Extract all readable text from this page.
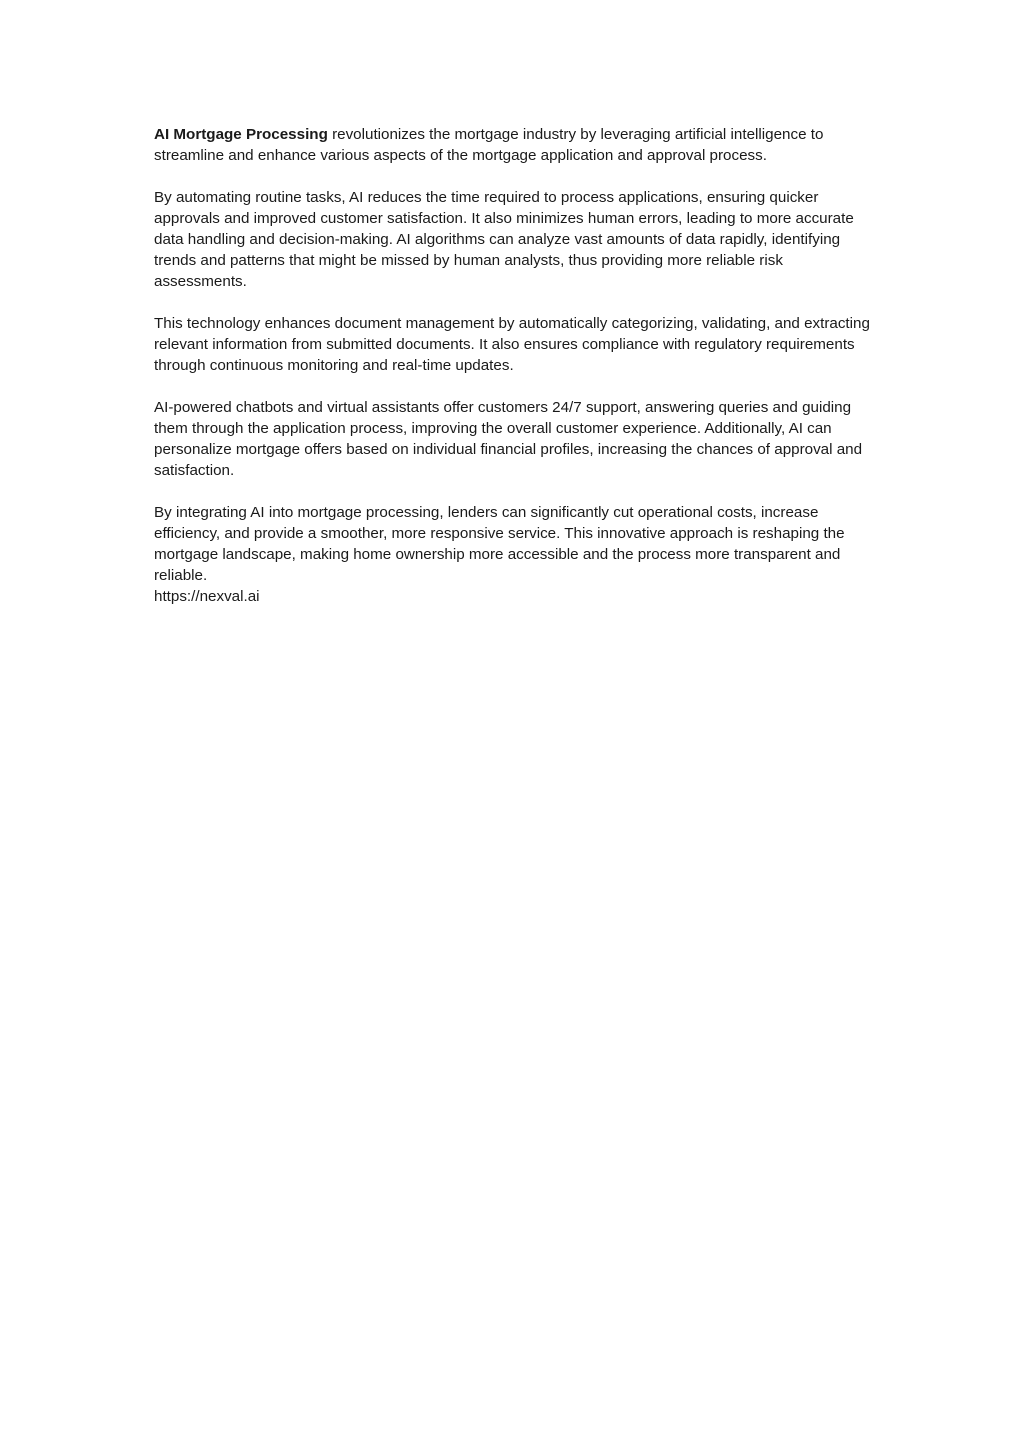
AI Mortgage Processing revolutionizes the mortgage industry by leveraging artificial intelligence to streamline and enhance various aspects of the mortgage application and approval process.

By automating routine tasks, AI reduces the time required to process applications, ensuring quicker approvals and improved customer satisfaction. It also minimizes human errors, leading to more accurate data handling and decision-making. AI algorithms can analyze vast amounts of data rapidly, identifying trends and patterns that might be missed by human analysts, thus providing more reliable risk assessments.

This technology enhances document management by automatically categorizing, validating, and extracting relevant information from submitted documents. It also ensures compliance with regulatory requirements through continuous monitoring and real-time updates.

AI-powered chatbots and virtual assistants offer customers 24/7 support, answering queries and guiding them through the application process, improving the overall customer experience. Additionally, AI can personalize mortgage offers based on individual financial profiles, increasing the chances of approval and satisfaction.

By integrating AI into mortgage processing, lenders can significantly cut operational costs, increase efficiency, and provide a smoother, more responsive service. This innovative approach is reshaping the mortgage landscape, making home ownership more accessible and the process more transparent and reliable.

https://nexval.ai
